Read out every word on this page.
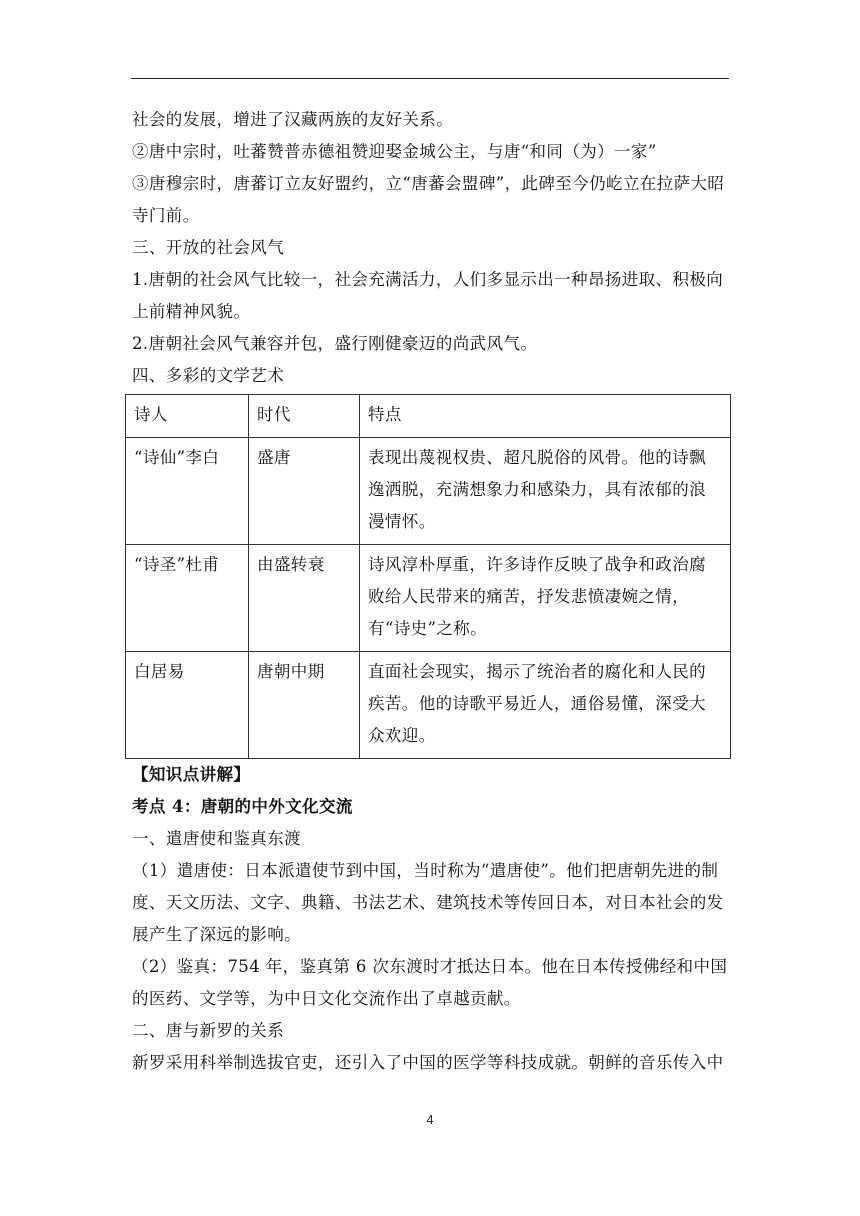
社会的发展，增进了汉藏两族的友好关系。

②唐中宗时，吐蕃赞普赤德祖赞迎娶金城公主，与唐“和同（为）一家”

③唐穆宗时，唐蕃订立友好盟约，立“唐蕃会盟碑”，此碑至今仍屹立在拉萨大昭寺门前。

三、开放的社会风气

1.唐朝的社会风气比较一，社会充满活力，人们多显示出一种昂扬进取、积极向上前精神风貌。

2.唐朝社会风气兼容并包，盛行刚健豪迈的尚武风气。

四、多彩的文学艺术

诗人	时代	特点
“诗仙”李白	盛唐	表现出蔑视权贵、超凡脱俗的风骨。他的诗飘逸洒脱，充满想象力和感染力，具有浓郁的浪漫情怀。
“诗圣”杜甫	由盛转衰	诗风淳朴厚重，许多诗作反映了战争和政治腐败给人民带来的痛苦，抒发悲愤凄婉之情，有“诗史”之称。
白居易	唐朝中期	直面社会现实，揭示了统治者的腐化和人民的疾苦。他的诗歌平易近人，通俗易懂，深受大众欢迎。

【知识点讲解】

考点 4：唐朝的中外文化交流

一、遣唐使和鉴真东渡

（1）遣唐使：日本派遣使节到中国，当时称为“遣唐使”。他们把唐朝先进的制度、天文历法、文字、典籍、书法艺术、建筑技术等传回日本，对日本社会的发展产生了深远的影响。

（2）鉴真：754 年，鉴真第 6 次东渡时才抵达日本。他在日本传授佛经和中国的医药、文学等，为中日文化交流作出了卓越贡献。

二、唐与新罗的关系

新罗采用科举制选拔官吏，还引入了中国的医学等科技成就。朝鲜的音乐传入中

4
